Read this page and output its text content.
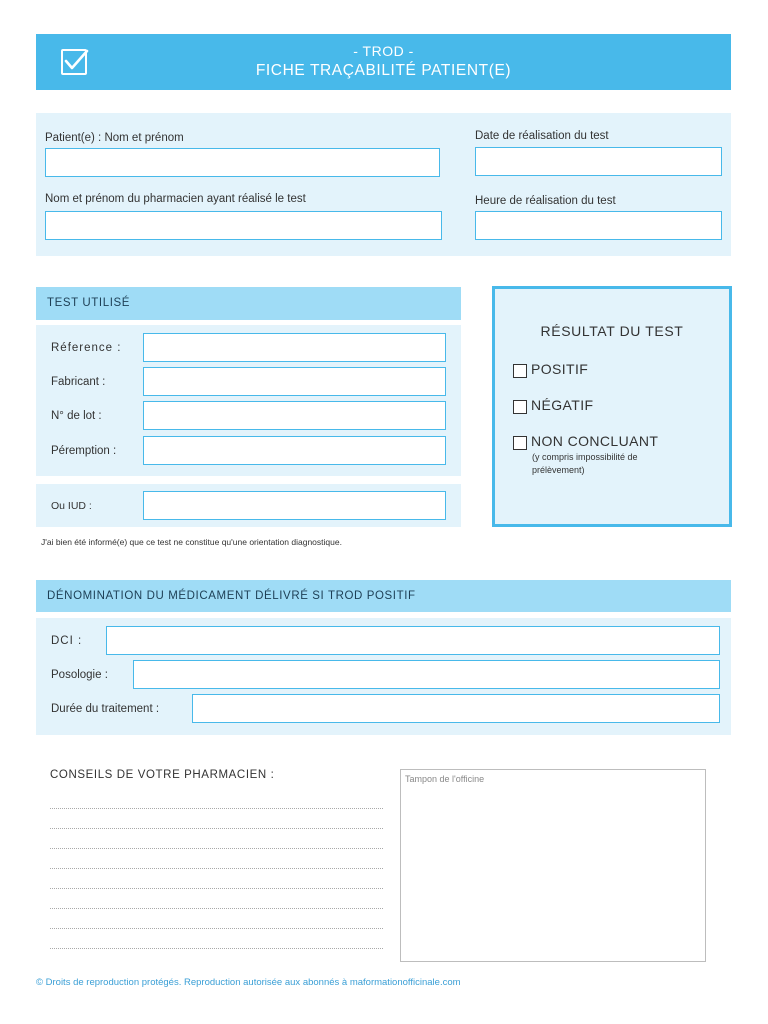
- TROD -
FICHE TRAÇABILITÉ PATIENT(E)
Patient(e) : Nom et prénom
Nom et prénom du pharmacien ayant réalisé le test
Date de réalisation du test
Heure de réalisation du test
TEST UTILISÉ
Réference :
Fabricant :
N° de lot :
Péremption :
Ou IUD :
J'ai bien été informé(e) que ce test ne constitue qu'une orientation diagnostique.
RÉSULTAT DU TEST
POSITIF
NÉGATIF
NON CONCLUANT
(y compris impossibilité de prélèvement)
DÉNOMINATION DU MÉDICAMENT DÉLIVRÉ SI TROD POSITIF
DCI :
Posologie :
Durée du traitement :
CONSEILS DE VOTRE PHARMACIEN :	Tampon de l'officine
© Droits de reproduction protégés. Reproduction autorisée aux abonnés à maformationofficinale.com
